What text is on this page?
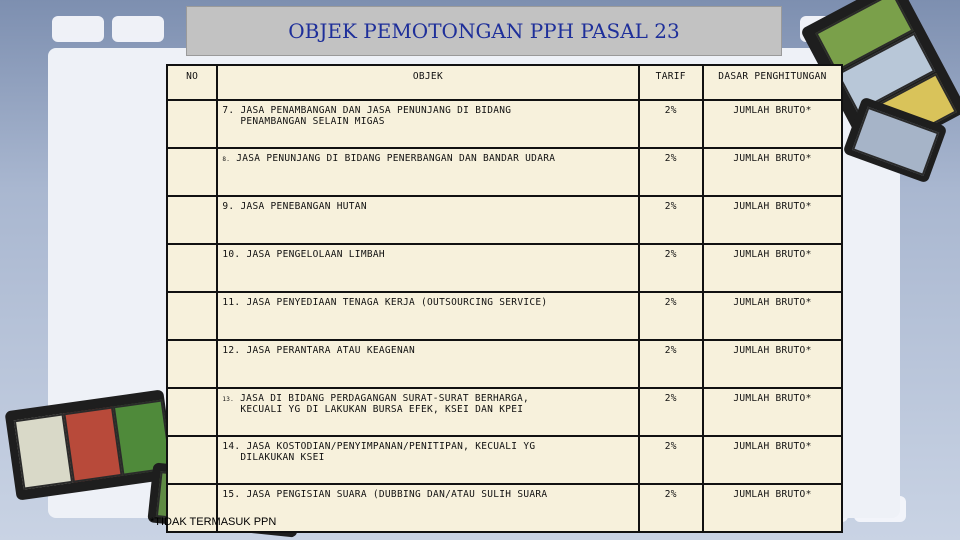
OBJEK PEMOTONGAN PPH PASAL 23
NO	OBJEK	TARIF	DASAR PENGHITUNGAN
	7. JASA PENAMBANGAN DAN JASA PENUNJANG DI BIDANG
PENAMBANGAN SELAIN MIGAS	2%	JUMLAH BRUTO*
	8. JASA PENUNJANG DI BIDANG PENERBANGAN DAN BANDAR UDARA	2%	JUMLAH BRUTO*
	9. JASA PENEBANGAN HUTAN	2%	JUMLAH BRUTO*
	10. JASA PENGELOLAAN LIMBAH	2%	JUMLAH BRUTO*
	11. JASA PENYEDIAAN TENAGA KERJA (OUTSOURCING SERVICE)	2%	JUMLAH BRUTO*
	12. JASA PERANTARA ATAU KEAGENAN	2%	JUMLAH BRUTO*
	13. JASA DI BIDANG PERDAGANGAN SURAT-SURAT BERHARGA,
KECUALI YG DI LAKUKAN BURSA EFEK, KSEI DAN KPEI	2%	JUMLAH BRUTO*
	14. JASA KOSTODIAN/PENYIMPANAN/PENITIPAN, KECUALI YG
DILAKUKAN KSEI	2%	JUMLAH BRUTO*
	15. JASA PENGISIAN SUARA (DUBBING DAN/ATAU SULIH SUARA	2%	JUMLAH BRUTO*
*TIDAK TERMASUK PPN
